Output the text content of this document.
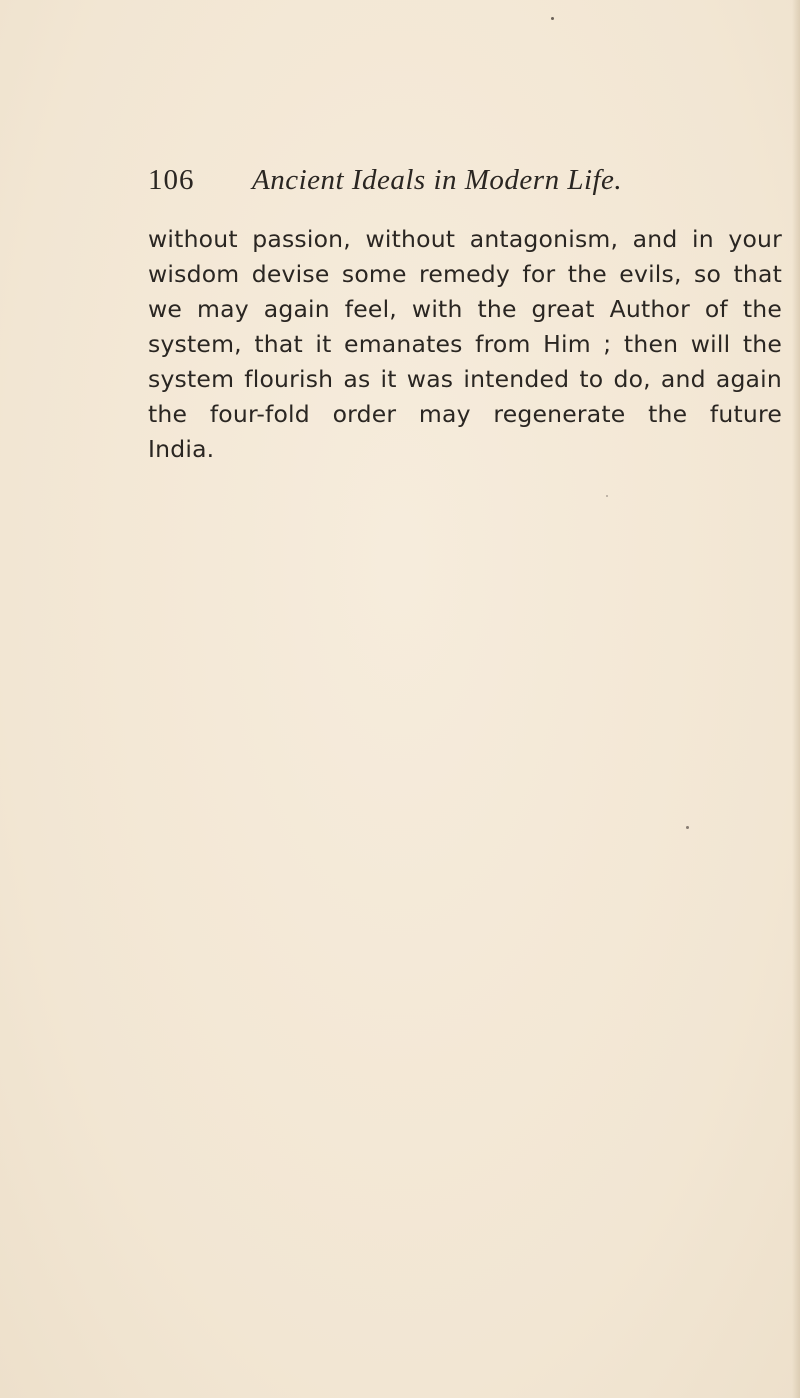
106 Ancient Ideals in Modern Life.
without passion, without antagonism, and in your
wisdom devise some remedy for the evils, so that
we may again feel, with the great Author of the
system, that it emanates from Him ; then will the
system flourish as it was intended to do, and again
the four-fold order may regenerate the future
India.
